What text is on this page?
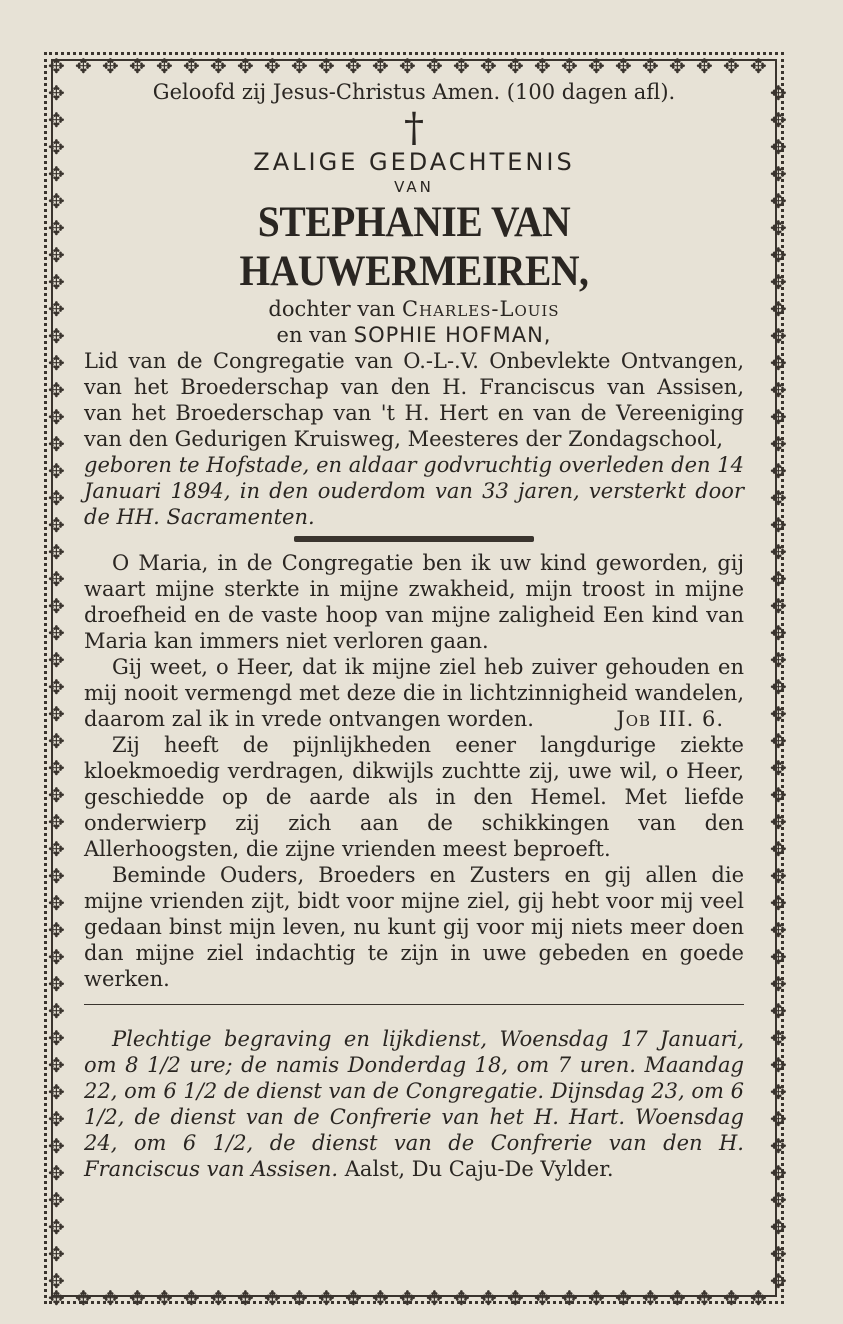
✥
✥
✥
✥
✥
✥
✥
✥
✥
✥
✥
✥
✥
✥
✥
✥
✥
✥
✥
✥
✥
✥
✥
✥
✥
✥
✥
✥
✥
✥
✥
✥
✥
✥
✥
✥
✥
✥
✥
✥
✥
✥
✥
✥
✥
✥
✥
✥
✥
✥
✥
✥
✥
✥
✥	✥
✥	✥
✥	✥
✥	✥
✥	✥
✥	✥
✥	✥
✥	✥
✥	✥
✥	✥
✥	✥
✥	✥
✥	✥
✥	✥
✥	✥
✥	✥
✥	✥
✥	✥
✥	✥
✥	✥
✥	✥
✥	✥
✥	✥
✥	✥
✥	✥
✥	✥
✥	✥
✥	✥
✥	✥
✥	✥
✥	✥
✥	✥
✥	✥
✥	✥
✥	✥
✥	✥
✥	✥
✥	✥
✥	✥
✥	✥
✥	✥
✥	✥
✥	✥
✥	✥
✥	✥

Geloofd zij Jesus-Christus Amen. (100 dagen afl).

†
ZALIGE GEDACHTENIS
VAN
STEPHANIE VAN HAUWERMEIREN,
dochter van Charles-Louis
en van SOPHIE HOFMAN,

Lid van de Congregatie van O.-L-.V. Onbevlekte Ontvangen, van het Broederschap van den H. Franciscus van Assisen, van het Broederschap van 't H. Hert en van de Vereeniging van den Gedurigen Kruisweg, Meesteres der Zondagschool,

geboren te Hofstade, en aldaar godvruchtig overleden den 14 Januari 1894, in den ouderdom van 33 jaren, versterkt door de HH. Sacramenten.

O Maria, in de Congregatie ben ik uw kind geworden, gij waart mijne sterkte in mijne zwakheid, mijn troost in mijne droefheid en de vaste hoop van mijne zaligheid Een kind van Maria kan immers niet verloren gaan.

Gij weet, o Heer, dat ik mijne ziel heb zuiver gehouden en mij nooit vermengd met deze die in lichtzinnigheid wandelen, daarom zal ik in vrede ontvangen worden.	Job III. 6.

Zij heeft de pijnlijkheden eener langdurige ziekte kloekmoedig verdragen, dikwijls zuchtte zij, uwe wil, o Heer, geschiedde op de aarde als in den Hemel. Met liefde onderwierp zij zich aan de schikkingen van den Allerhoogsten, die zijne vrienden meest beproeft.

Beminde Ouders, Broeders en Zusters en gij allen die mijne vrienden zijt, bidt voor mijne ziel, gij hebt voor mij veel gedaan binst mijn leven, nu kunt gij voor mij niets meer doen dan mijne ziel indachtig te zijn in uwe gebeden en goede werken.

Plechtige begraving en lijkdienst, Woensdag 17 Januari, om 8 1/2 ure; de namis Donderdag 18, om 7 uren. Maandag 22, om 6 1/2 de dienst van de Congregatie. Dijnsdag 23, om 6 1/2, de dienst van de Confrerie van het H. Hart. Woensdag 24, om 6 1/2, de dienst van de Confrerie van den H. Franciscus van Assisen. Aalst, Du Caju-De Vylder.
